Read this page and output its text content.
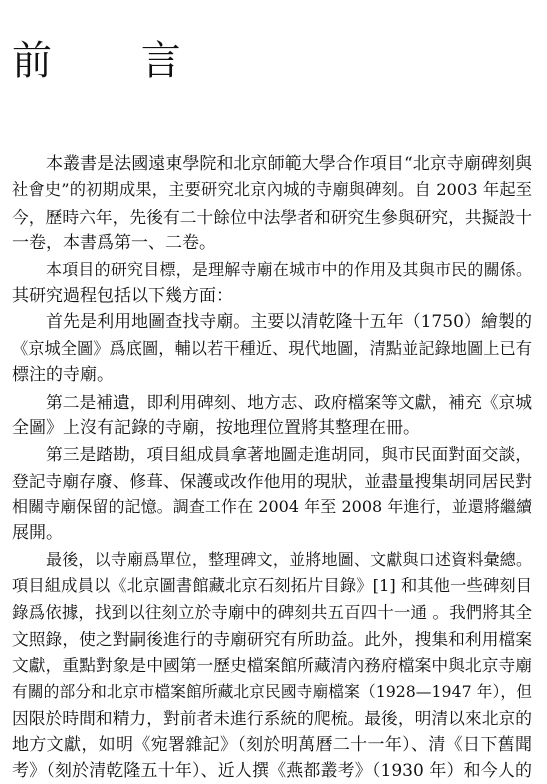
前 言
本叢書是法國遠東學院和北京師範大學合作項目“北京寺廟碑刻與
社會史”的初期成果，主要研究北京內城的寺廟與碑刻。自 2003 年起至
今，歷時六年，先後有二十餘位中法學者和研究生參與研究，共擬設十
一卷，本書爲第一、二卷。
本項目的研究目標，是理解寺廟在城市中的作用及其與市民的關係。
其研究過程包括以下幾方面：
首先是利用地圖查找寺廟。主要以清乾隆十五年（1750）繪製的
《京城全圖》爲底圖，輔以若干種近、現代地圖，清點並記錄地圖上已有
標注的寺廟。
第二是補遺，即利用碑刻、地方志、政府檔案等文獻，補充《京城
全圖》上沒有記錄的寺廟，按地理位置將其整理在冊。
第三是踏勘，項目組成員拿著地圖走進胡同，與市民面對面交談，
登記寺廟存廢、修葺、保護或改作他用的現狀，並盡量搜集胡同居民對
相關寺廟保留的記憶。調查工作在 2004 年至 2008 年進行，並還將繼續
展開。
最後，以寺廟爲單位，整理碑文，並將地圖、文獻與口述資料彙總。
項目組成員以《北京圖書館藏北京石刻拓片目錄》[1] 和其他一些碑刻目
錄爲依據，找到以往刻立於寺廟中的碑刻共五百四十一通 。我們將其全
文照錄，使之對嗣後進行的寺廟研究有所助益。此外，搜集和利用檔案
文獻，重點對象是中國第一歷史檔案館所藏清內務府檔案中與北京寺廟
有關的部分和北京市檔案館所藏北京民國寺廟檔案（1928—1947 年），但
因限於時間和精力，對前者未進行系統的爬梳。最後，明清以來北京的
地方文獻，如明《宛署雜記》（刻於明萬曆二十一年）、清《日下舊聞
考》（刻於清乾隆五十年）、近人撰《燕都叢考》（1930 年）和今人的
